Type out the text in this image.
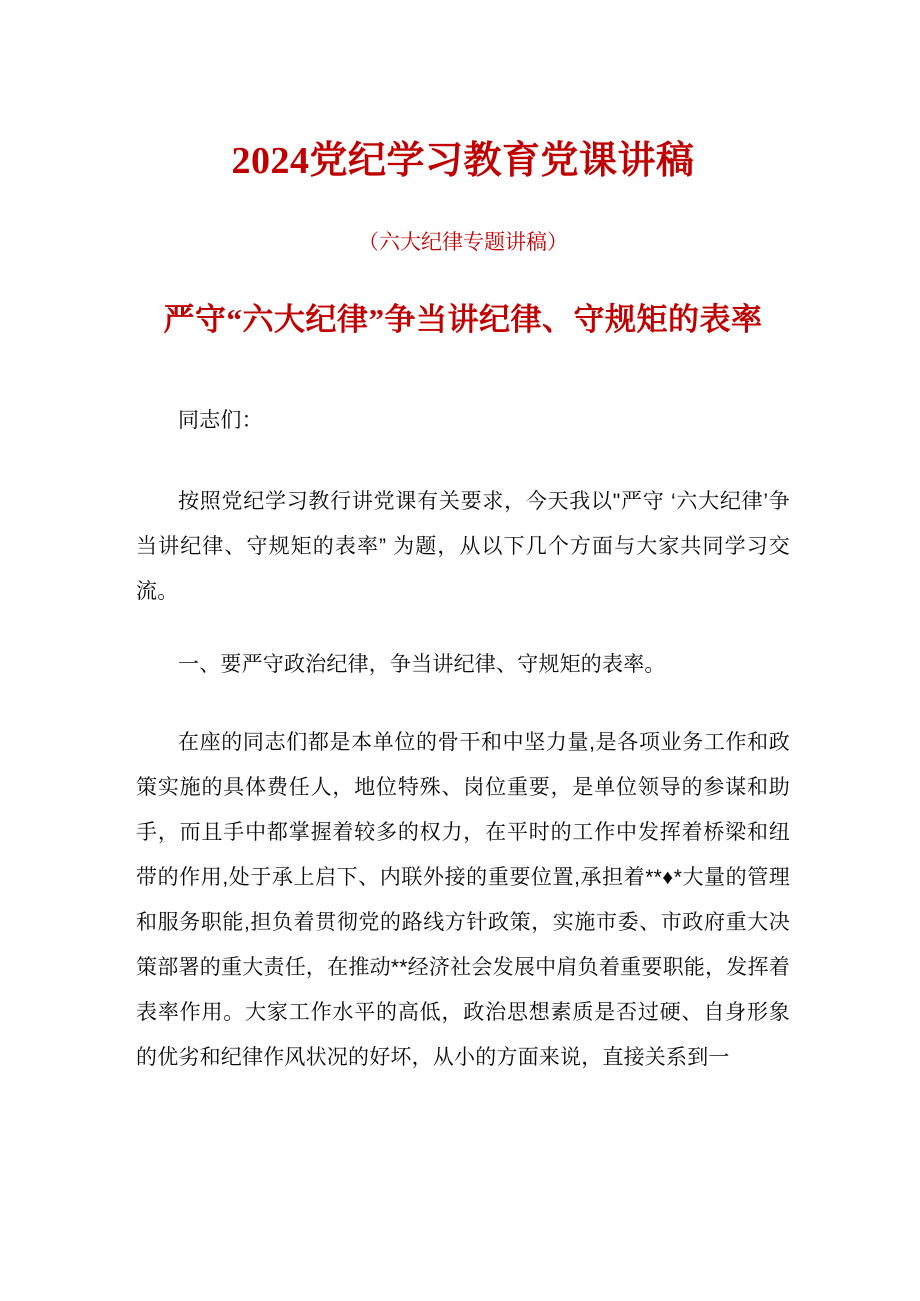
2024党纪学习教育党课讲稿
（六大纪律专题讲稿）
严守“六大纪律”争当讲纪律、守规矩的表率

同志们：

按照党纪学习教行讲党课有关要求，今天我以"严守 ‘六大纪律’争当讲纪律、守规矩的表率” 为题，从以下几个方面与大家共同学习交流。

一、要严守政治纪律，争当讲纪律、守规矩的表率。

在座的同志们都是本单位的骨干和中坚力量,是各项业务工作和政策实施的具体费任人，地位特殊、岗位重要，是单位领导的参谋和助手，而且手中都掌握着较多的权力，在平时的工作中发挥着桥梁和纽带的作用,处于承上启下、内联外接的重要位置,承担着**♦*大量的管理和服务职能,担负着贯彻党的路线方针政策，实施市委、市政府重大决策部署的重大责任，在推动**经济社会发展中肩负着重要职能，发挥着表率作用。大家工作水平的高低，政治思想素质是否过硬、自身形象的优劣和纪律作风状况的好坏，从小的方面来说，直接关系到一
